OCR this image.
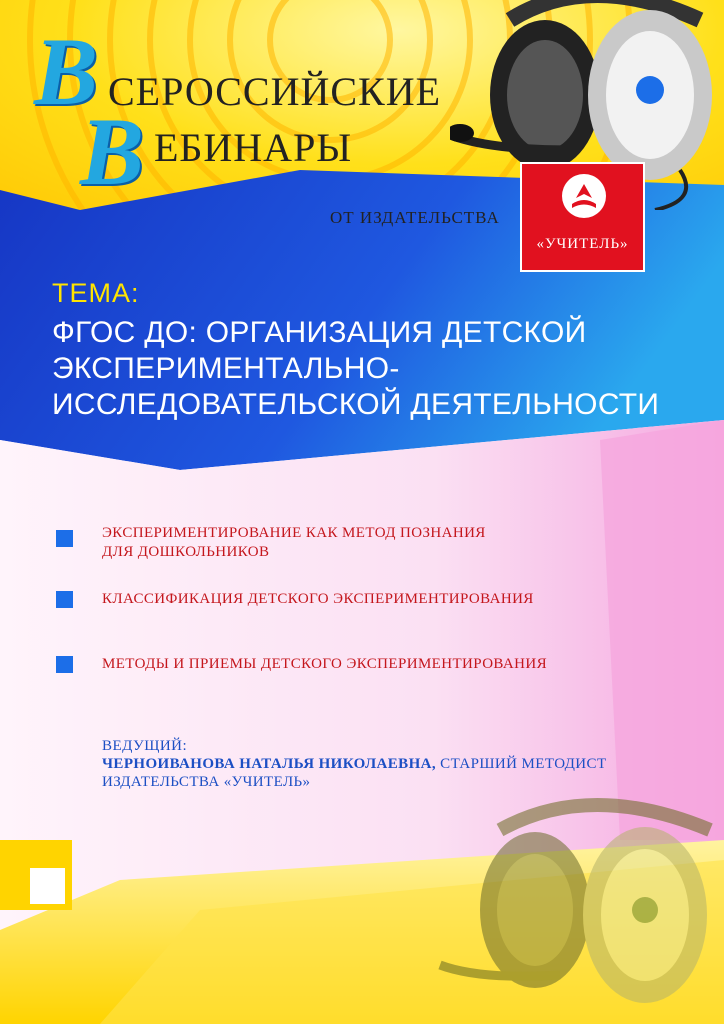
В СЕРОССИЙСКИЕ
В ЕБИНАРЫ
ОТ ИЗДАТЕЛЬСТВА
«УЧИТЕЛЬ»
ТЕМА:
ФГОС ДО: ОРГАНИЗАЦИЯ ДЕТСКОЙ
ЭКСПЕРИМЕНТАЛЬНО-
ИССЛЕДОВАТЕЛЬСКОЙ ДЕЯТЕЛЬНОСТИ
ЭКСПЕРИМЕНТИРОВАНИЕ КАК МЕТОД ПОЗНАНИЯ
ДЛЯ ДОШКОЛЬНИКОВ
КЛАССИФИКАЦИЯ ДЕТСКОГО ЭКСПЕРИМЕНТИРОВАНИЯ
МЕТОДЫ И ПРИЕМЫ ДЕТСКОГО ЭКСПЕРИМЕНТИРОВАНИЯ
ВЕДУЩИЙ:
ЧЕРНОИВАНОВА НАТАЛЬЯ НИКОЛАЕВНА, СТАРШИЙ МЕТОДИСТ
ИЗДАТЕЛЬСТВА «УЧИТЕЛЬ»
